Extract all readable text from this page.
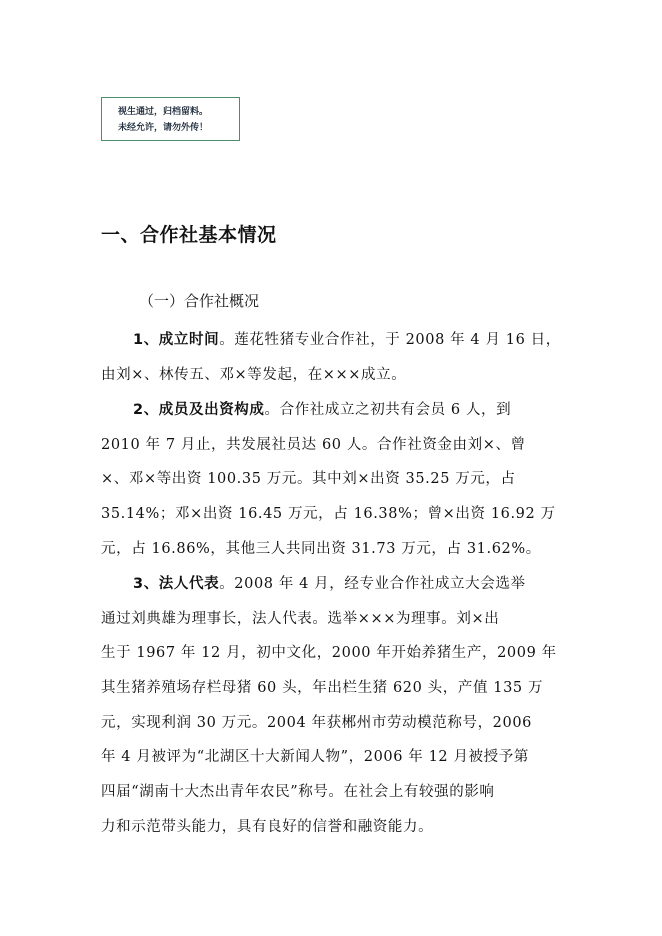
视生通过，归档留料。
未经允许，请勿外传！
一、合作社基本情况
（一）合作社概况
1、成立时间。莲花牲猪专业合作社，于 2008 年 4 月 16 日，
由刘×、林传五、邓×等发起，在×××成立。
2、成员及出资构成。合作社成立之初共有会员 6 人，到
2010 年 7 月止，共发展社员达 60 人。合作社资金由刘×、曾
×、邓×等出资 100.35 万元。其中刘×出资 35.25 万元，占
35.14%；邓×出资 16.45 万元，占 16.38%；曾×出资 16.92 万
元，占 16.86%，其他三人共同出资 31.73 万元，占 31.62%。
3、法人代表。2008 年 4 月，经专业合作社成立大会选举
通过刘典雄为理事长，法人代表。选举×××为理事。刘×出
生于 1967 年 12 月，初中文化，2000 年开始养猪生产，2009 年
其生猪养殖场存栏母猪 60 头，年出栏生猪 620 头，产值 135 万
元，实现利润 30 万元。2004 年获郴州市劳动模范称号，2006
年 4 月被评为“北湖区十大新闻人物”，2006 年 12 月被授予第
四届“湖南十大杰出青年农民”称号。在社会上有较强的影响
力和示范带头能力，具有良好的信誉和融资能力。
